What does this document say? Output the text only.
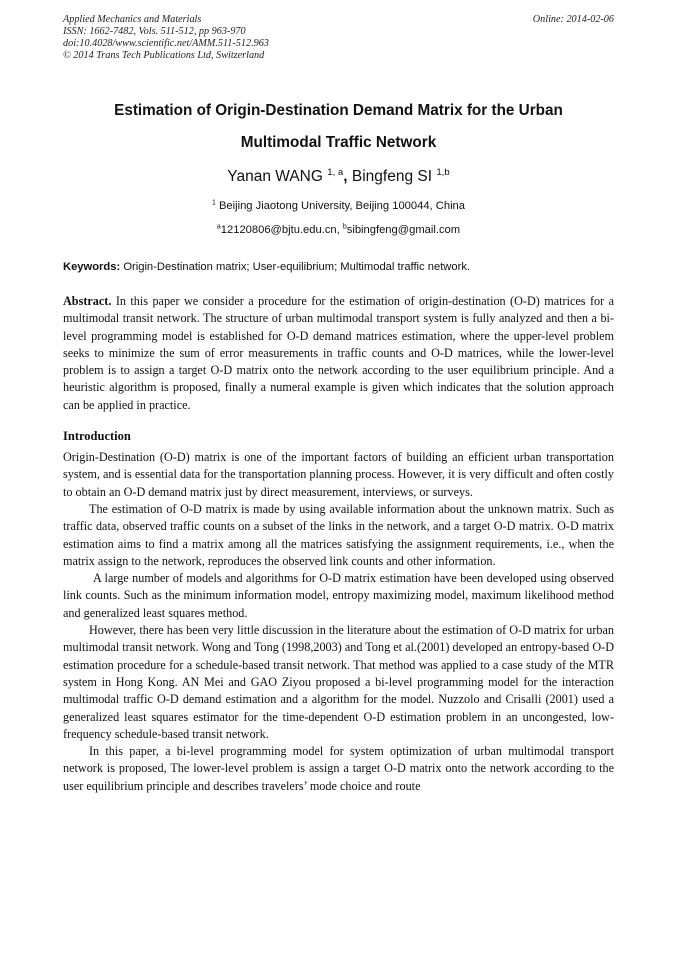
Applied Mechanics and Materials
ISSN: 1662-7482, Vols. 511-512, pp 963-970
doi:10.4028/www.scientific.net/AMM.511-512.963
© 2014 Trans Tech Publications Ltd, Switzerland
Online: 2014-02-06
Estimation of Origin-Destination Demand Matrix for the Urban
Multimodal Traffic Network
Yanan WANG $^{1, a}$, Bingfeng SI $^{1,b}$
$^1$ Beijing Jiaotong University, Beijing 100044, China
$^a$12120806@bjtu.edu.cn, $^b$sibingfeng@gmail.com
Keywords: Origin-Destination matrix; User-equilibrium; Multimodal traffic network.
Abstract. In this paper we consider a procedure for the estimation of origin-destination (O-D) matrices for a multimodal transit network. The structure of urban multimodal transport system is fully analyzed and then a bi-level programming model is established for O-D demand matrices estimation, where the upper-level problem seeks to minimize the sum of error measurements in traffic counts and O-D matrices, while the lower-level problem is to assign a target O-D matrix onto the network according to the user equilibrium principle. And a heuristic algorithm is proposed, finally a numeral example is given which indicates that the solution approach can be applied in practice.
Introduction

Origin-Destination (O-D) matrix is one of the important factors of building an efficient urban transportation system, and is essential data for the transportation planning process. However, it is very difficult and often costly to obtain an O-D demand matrix just by direct measurement, interviews, or surveys.

The estimation of O-D matrix is made by using available information about the unknown matrix. Such as traffic data, observed traffic counts on a subset of the links in the network, and a target O-D matrix. O-D matrix estimation aims to find a matrix among all the matrices satisfying the assignment requirements, i.e., when the matrix assign to the network, reproduces the observed link counts and other information.

A large number of models and algorithms for O-D matrix estimation have been developed using observed link counts. Such as the minimum information model, entropy maximizing model, maximum likelihood method and generalized least squares method.

However, there has been very little discussion in the literature about the estimation of O-D matrix for urban multimodal transit network. Wong and Tong (1998,2003) and Tong et al.(2001) developed an entropy-based O-D estimation procedure for a schedule-based transit network. That method was applied to a case study of the MTR system in Hong Kong. AN Mei and GAO Ziyou proposed a bi-level programming model for the interaction multimodal traffic O-D demand estimation and a algorithm for the model. Nuzzolo and Crisalli (2001) used a generalized least squares estimator for the time-dependent O-D estimation problem in an uncongested, low-frequency schedule-based transit network.

In this paper, a bi-level programming model for system optimization of urban multimodal transport network is proposed, The lower-level problem is assign a target O-D matrix onto the network according to the user equilibrium principle and describes travelers’ mode choice and route
